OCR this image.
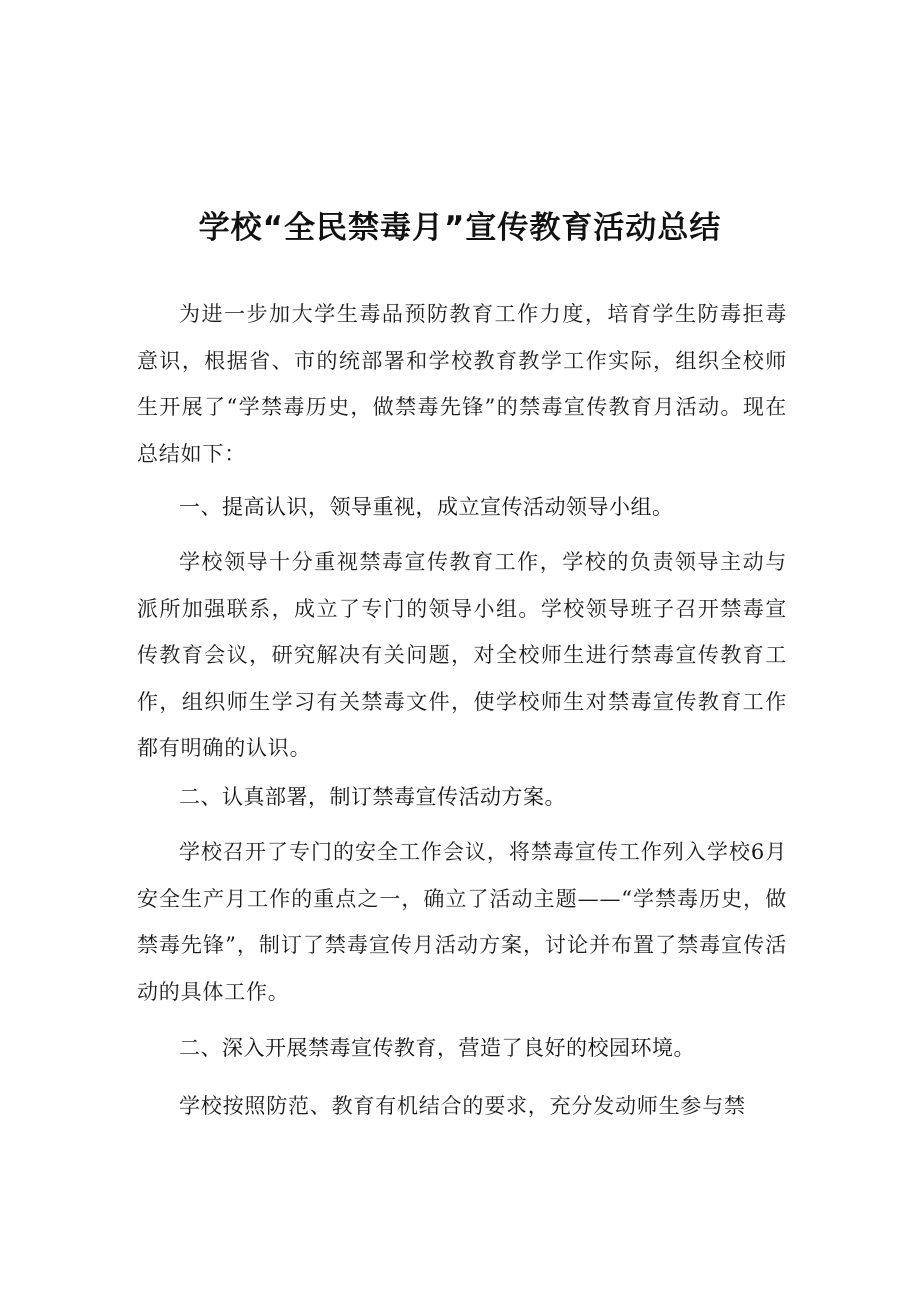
学校“全民禁毒月”宣传教育活动总结

为进一步加大学生毒品预防教育工作力度，培育学生防毒拒毒意识，根据省、市的统部署和学校教育教学工作实际，组织全校师生开展了“学禁毒历史，做禁毒先锋”的禁毒宣传教育月活动。现在总结如下：

一、提高认识，领导重视，成立宣传活动领导小组。

学校领导十分重视禁毒宣传教育工作，学校的负责领导主动与派所加强联系，成立了专门的领导小组。学校领导班子召开禁毒宣传教育会议，研究解决有关问题，对全校师生进行禁毒宣传教育工作，组织师生学习有关禁毒文件，使学校师生对禁毒宣传教育工作都有明确的认识。

二、认真部署，制订禁毒宣传活动方案。

学校召开了专门的安全工作会议，将禁毒宣传工作列入学校6月安全生产月工作的重点之一，确立了活动主题——“学禁毒历史，做禁毒先锋”，制订了禁毒宣传月活动方案，讨论并布置了禁毒宣传活动的具体工作。

二、深入开展禁毒宣传教育，营造了良好的校园环境。

学校按照防范、教育有机结合的要求，充分发动师生参与禁
